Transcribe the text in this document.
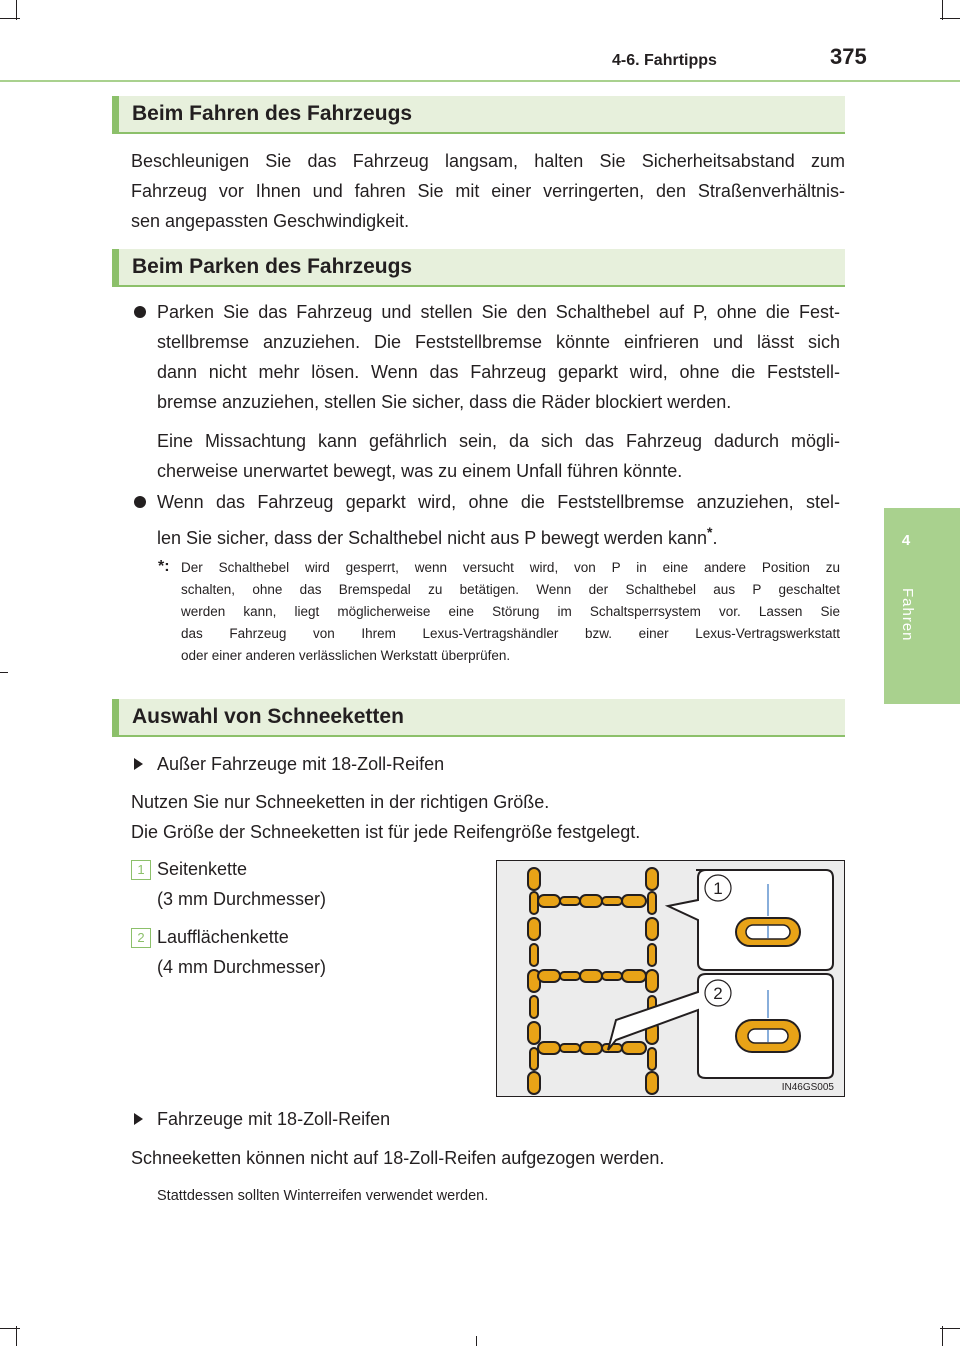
4-6. Fahrtipps	375
4
Fahren
Beim Fahren des Fahrzeugs
Beschleunigen Sie das Fahrzeug langsam, halten Sie Sicherheitsabstand zum
Fahrzeug vor Ihnen und fahren Sie mit einer verringerten, den Straßenverhältnis-
sen angepassten Geschwindigkeit.
Beim Parken des Fahrzeugs
Parken Sie das Fahrzeug und stellen Sie den Schalthebel auf P, ohne die Fest-
stellbremse anzuziehen. Die Feststellbremse könnte einfrieren und lässt sich
dann nicht mehr lösen. Wenn das Fahrzeug geparkt wird, ohne die Feststell-
bremse anzuziehen, stellen Sie sicher, dass die Räder blockiert werden.
Eine Missachtung kann gefährlich sein, da sich das Fahrzeug dadurch mögli-
cherweise unerwartet bewegt, was zu einem Unfall führen könnte.
Wenn das Fahrzeug geparkt wird, ohne die Feststellbremse anzuziehen, stel-
len Sie sicher, dass der Schalthebel nicht aus P bewegt werden kann*.
*: Der Schalthebel wird gesperrt, wenn versucht wird, von P in eine andere Position zu
schalten, ohne das Bremspedal zu betätigen. Wenn der Schalthebel aus P geschaltet
werden kann, liegt möglicherweise eine Störung im Schaltsperrsystem vor. Lassen Sie
das Fahrzeug von Ihrem Lexus-Vertragshändler bzw. einer Lexus-Vertragswerkstatt
oder einer anderen verlässlichen Werkstatt überprüfen.
Auswahl von Schneeketten
Außer Fahrzeuge mit 18-Zoll-Reifen
Nutzen Sie nur Schneeketten in der richtigen Größe.
Die Größe der Schneeketten ist für jede Reifengröße festgelegt.
1 Seitenkette
(3 mm Durchmesser)
2 Laufflächenkette
(4 mm Durchmesser)
1
2
IN46GS005
Fahrzeuge mit 18-Zoll-Reifen
Schneeketten können nicht auf 18-Zoll-Reifen aufgezogen werden.
Stattdessen sollten Winterreifen verwendet werden.
